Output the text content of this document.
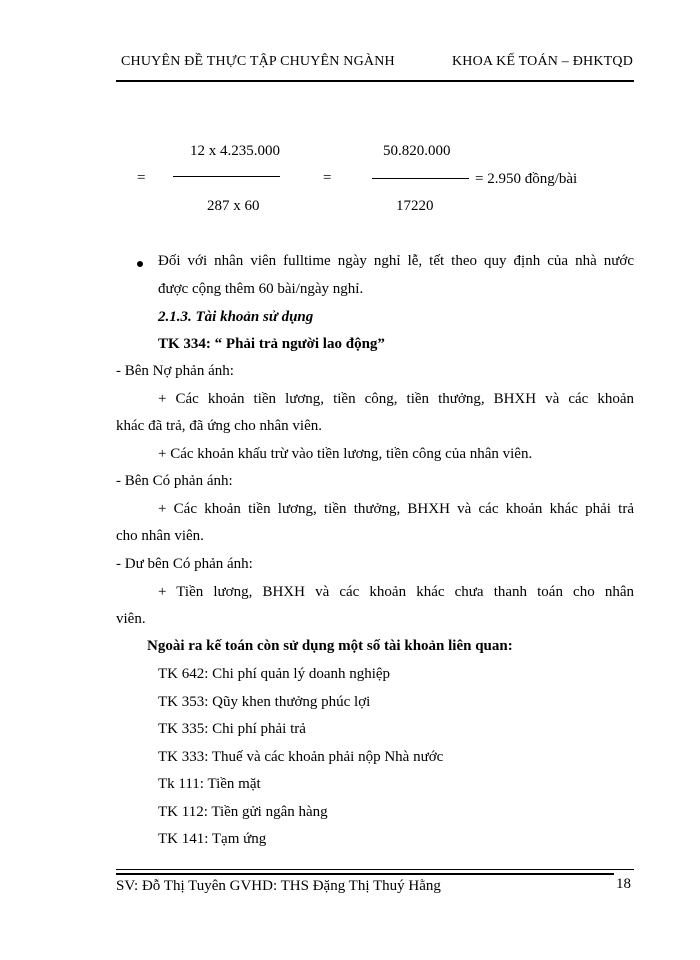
CHUYÊN ĐỀ THỰC TẬP CHUYÊN NGÀNH	KHOA KẾ TOÁN – ĐHKTQD
=
12 x 4.235.000
287 x 60
=
50.820.000
17220
= 2.950 đồng/bài
Đối với nhân viên fulltime ngày nghỉ lễ, tết theo quy định của nhà nước
được cộng thêm 60 bài/ngày nghỉ.
2.1.3. Tài khoản sử dụng
TK 334: “ Phải trả người lao động”
- Bên Nợ phản ánh:
+ Các khoản tiền lương, tiền công, tiền thưởng, BHXH và các khoản
khác đã trả, đã ứng cho nhân viên.
+ Các khoản khấu trừ vào tiền lương, tiền công của nhân viên.
- Bên Có phản ánh:
+ Các khoản tiền lương, tiền thưởng, BHXH và các khoản khác phải trả
cho nhân viên.
- Dư bên Có phản ánh:
+ Tiền lương, BHXH và các khoản khác chưa thanh toán cho nhân
viên.
Ngoài ra kế toán còn sử dụng một số tài khoản liên quan:
TK 642: Chi phí quản lý doanh nghiệp
TK 353: Qũy khen thưởng phúc lợi
TK 335: Chi phí phải trả
TK 333: Thuế và các khoản phải nộp Nhà nước
Tk 111: Tiền mặt
TK 112: Tiền gửi ngân hàng
TK 141: Tạm ứng
SV: Đỗ Thị Tuyên GVHD: THS Đặng Thị Thuý Hằng	18
